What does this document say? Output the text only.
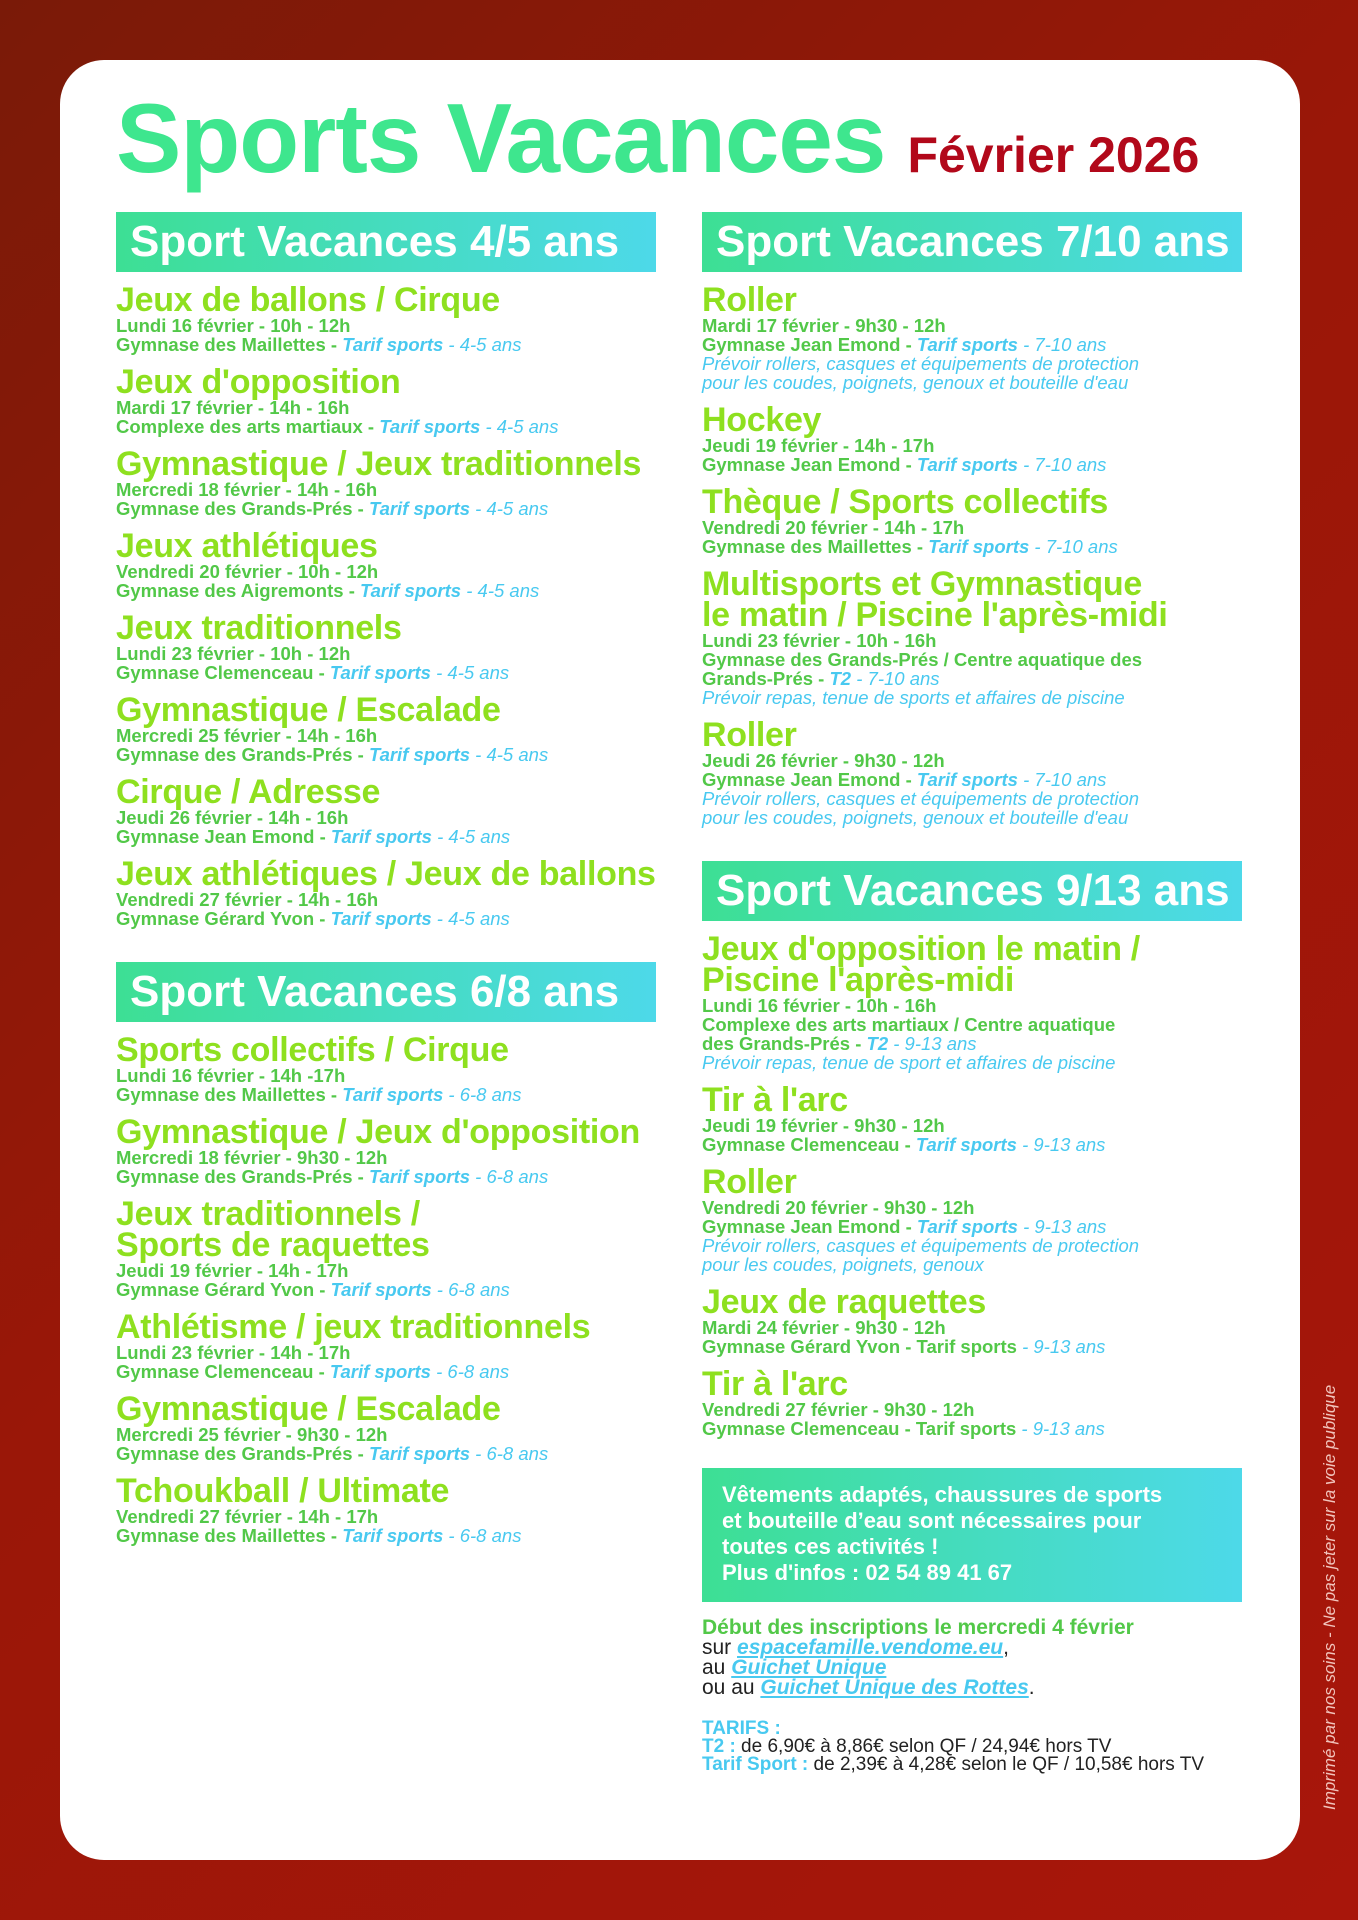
Sports Vacances Février 2026
Sport Vacances 4/5 ans
Jeux de ballons / Cirque
Lundi 16 février - 10h - 12h
Gymnase des Maillettes - Tarif sports - 4-5 ans
Jeux d'opposition
Mardi 17 février - 14h - 16h
Complexe des arts martiaux - Tarif sports - 4-5 ans
Gymnastique / Jeux traditionnels
Mercredi 18 février - 14h - 16h
Gymnase des Grands-Prés - Tarif sports - 4-5 ans
Jeux athlétiques
Vendredi 20 février - 10h - 12h
Gymnase des Aigremonts - Tarif sports - 4-5 ans
Jeux traditionnels
Lundi 23 février - 10h - 12h
Gymnase Clemenceau - Tarif sports - 4-5 ans
Gymnastique / Escalade
Mercredi 25 février - 14h - 16h
Gymnase des Grands-Prés - Tarif sports - 4-5 ans
Cirque / Adresse
Jeudi 26 février - 14h - 16h
Gymnase Jean Emond - Tarif sports - 4-5 ans
Jeux athlétiques / Jeux de ballons
Vendredi 27 février - 14h - 16h
Gymnase Gérard Yvon - Tarif sports - 4-5 ans
Sport Vacances 6/8 ans
Sports collectifs / Cirque
Lundi 16 février - 14h -17h
Gymnase des Maillettes - Tarif sports - 6-8 ans
Gymnastique / Jeux d'opposition
Mercredi 18 février - 9h30 - 12h
Gymnase des Grands-Prés - Tarif sports - 6-8 ans
Jeux traditionnels /
Sports de raquettes
Jeudi 19 février - 14h - 17h
Gymnase Gérard Yvon - Tarif sports - 6-8 ans
Athlétisme / jeux traditionnels
Lundi 23 février - 14h - 17h
Gymnase Clemenceau - Tarif sports - 6-8 ans
Gymnastique / Escalade
Mercredi 25 février - 9h30 - 12h
Gymnase des Grands-Prés - Tarif sports - 6-8 ans
Tchoukball / Ultimate
Vendredi 27 février - 14h - 17h
Gymnase des Maillettes - Tarif sports - 6-8 ans
Sport Vacances 7/10 ans
Roller
Mardi 17 février - 9h30 - 12h
Gymnase Jean Emond - Tarif sports - 7-10 ans
Prévoir rollers, casques et équipements de protection
pour les coudes, poignets, genoux et bouteille d'eau
Hockey
Jeudi 19 février - 14h - 17h
Gymnase Jean Emond - Tarif sports - 7-10 ans
Thèque / Sports collectifs
Vendredi 20 février - 14h - 17h
Gymnase des Maillettes - Tarif sports - 7-10 ans
Multisports et Gymnastique
le matin / Piscine l'après-midi
Lundi 23 février - 10h - 16h
Gymnase des Grands-Prés / Centre aquatique des
Grands-Prés - T2 - 7-10 ans
Prévoir repas, tenue de sports et affaires de piscine
Roller
Jeudi 26 février - 9h30 - 12h
Gymnase Jean Emond - Tarif sports - 7-10 ans
Prévoir rollers, casques et équipements de protection
pour les coudes, poignets, genoux et bouteille d'eau
Sport Vacances 9/13 ans
Jeux d'opposition le matin /
Piscine l'après-midi
Lundi 16 février - 10h - 16h
Complexe des arts martiaux / Centre aquatique
des Grands-Prés - T2 - 9-13 ans
Prévoir repas, tenue de sport et affaires de piscine
Tir à l'arc
Jeudi 19 février - 9h30 - 12h
Gymnase Clemenceau - Tarif sports - 9-13 ans
Roller
Vendredi 20 février - 9h30 - 12h
Gymnase Jean Emond - Tarif sports - 9-13 ans
Prévoir rollers, casques et équipements de protection
pour les coudes, poignets, genoux
Jeux de raquettes
Mardi 24 février - 9h30 - 12h
Gymnase Gérard Yvon - Tarif sports - 9-13 ans
Tir à l'arc
Vendredi 27 février - 9h30 - 12h
Gymnase Clemenceau - Tarif sports - 9-13 ans
Vêtements adaptés, chaussures de sports
et bouteille d’eau sont nécessaires pour
toutes ces activités !
Plus d'infos : 02 54 89 41 67
Début des inscriptions le mercredi 4 février
sur espacefamille.vendome.eu,
au Guichet Unique
ou au Guichet Unique des Rottes.
TARIFS :
T2 : de 6,90€ à 8,86€ selon QF / 24,94€ hors TV
Tarif Sport : de 2,39€ à 4,28€ selon le QF / 10,58€ hors TV	Imprimé par nos soins - Ne pas jeter sur la voie publique
